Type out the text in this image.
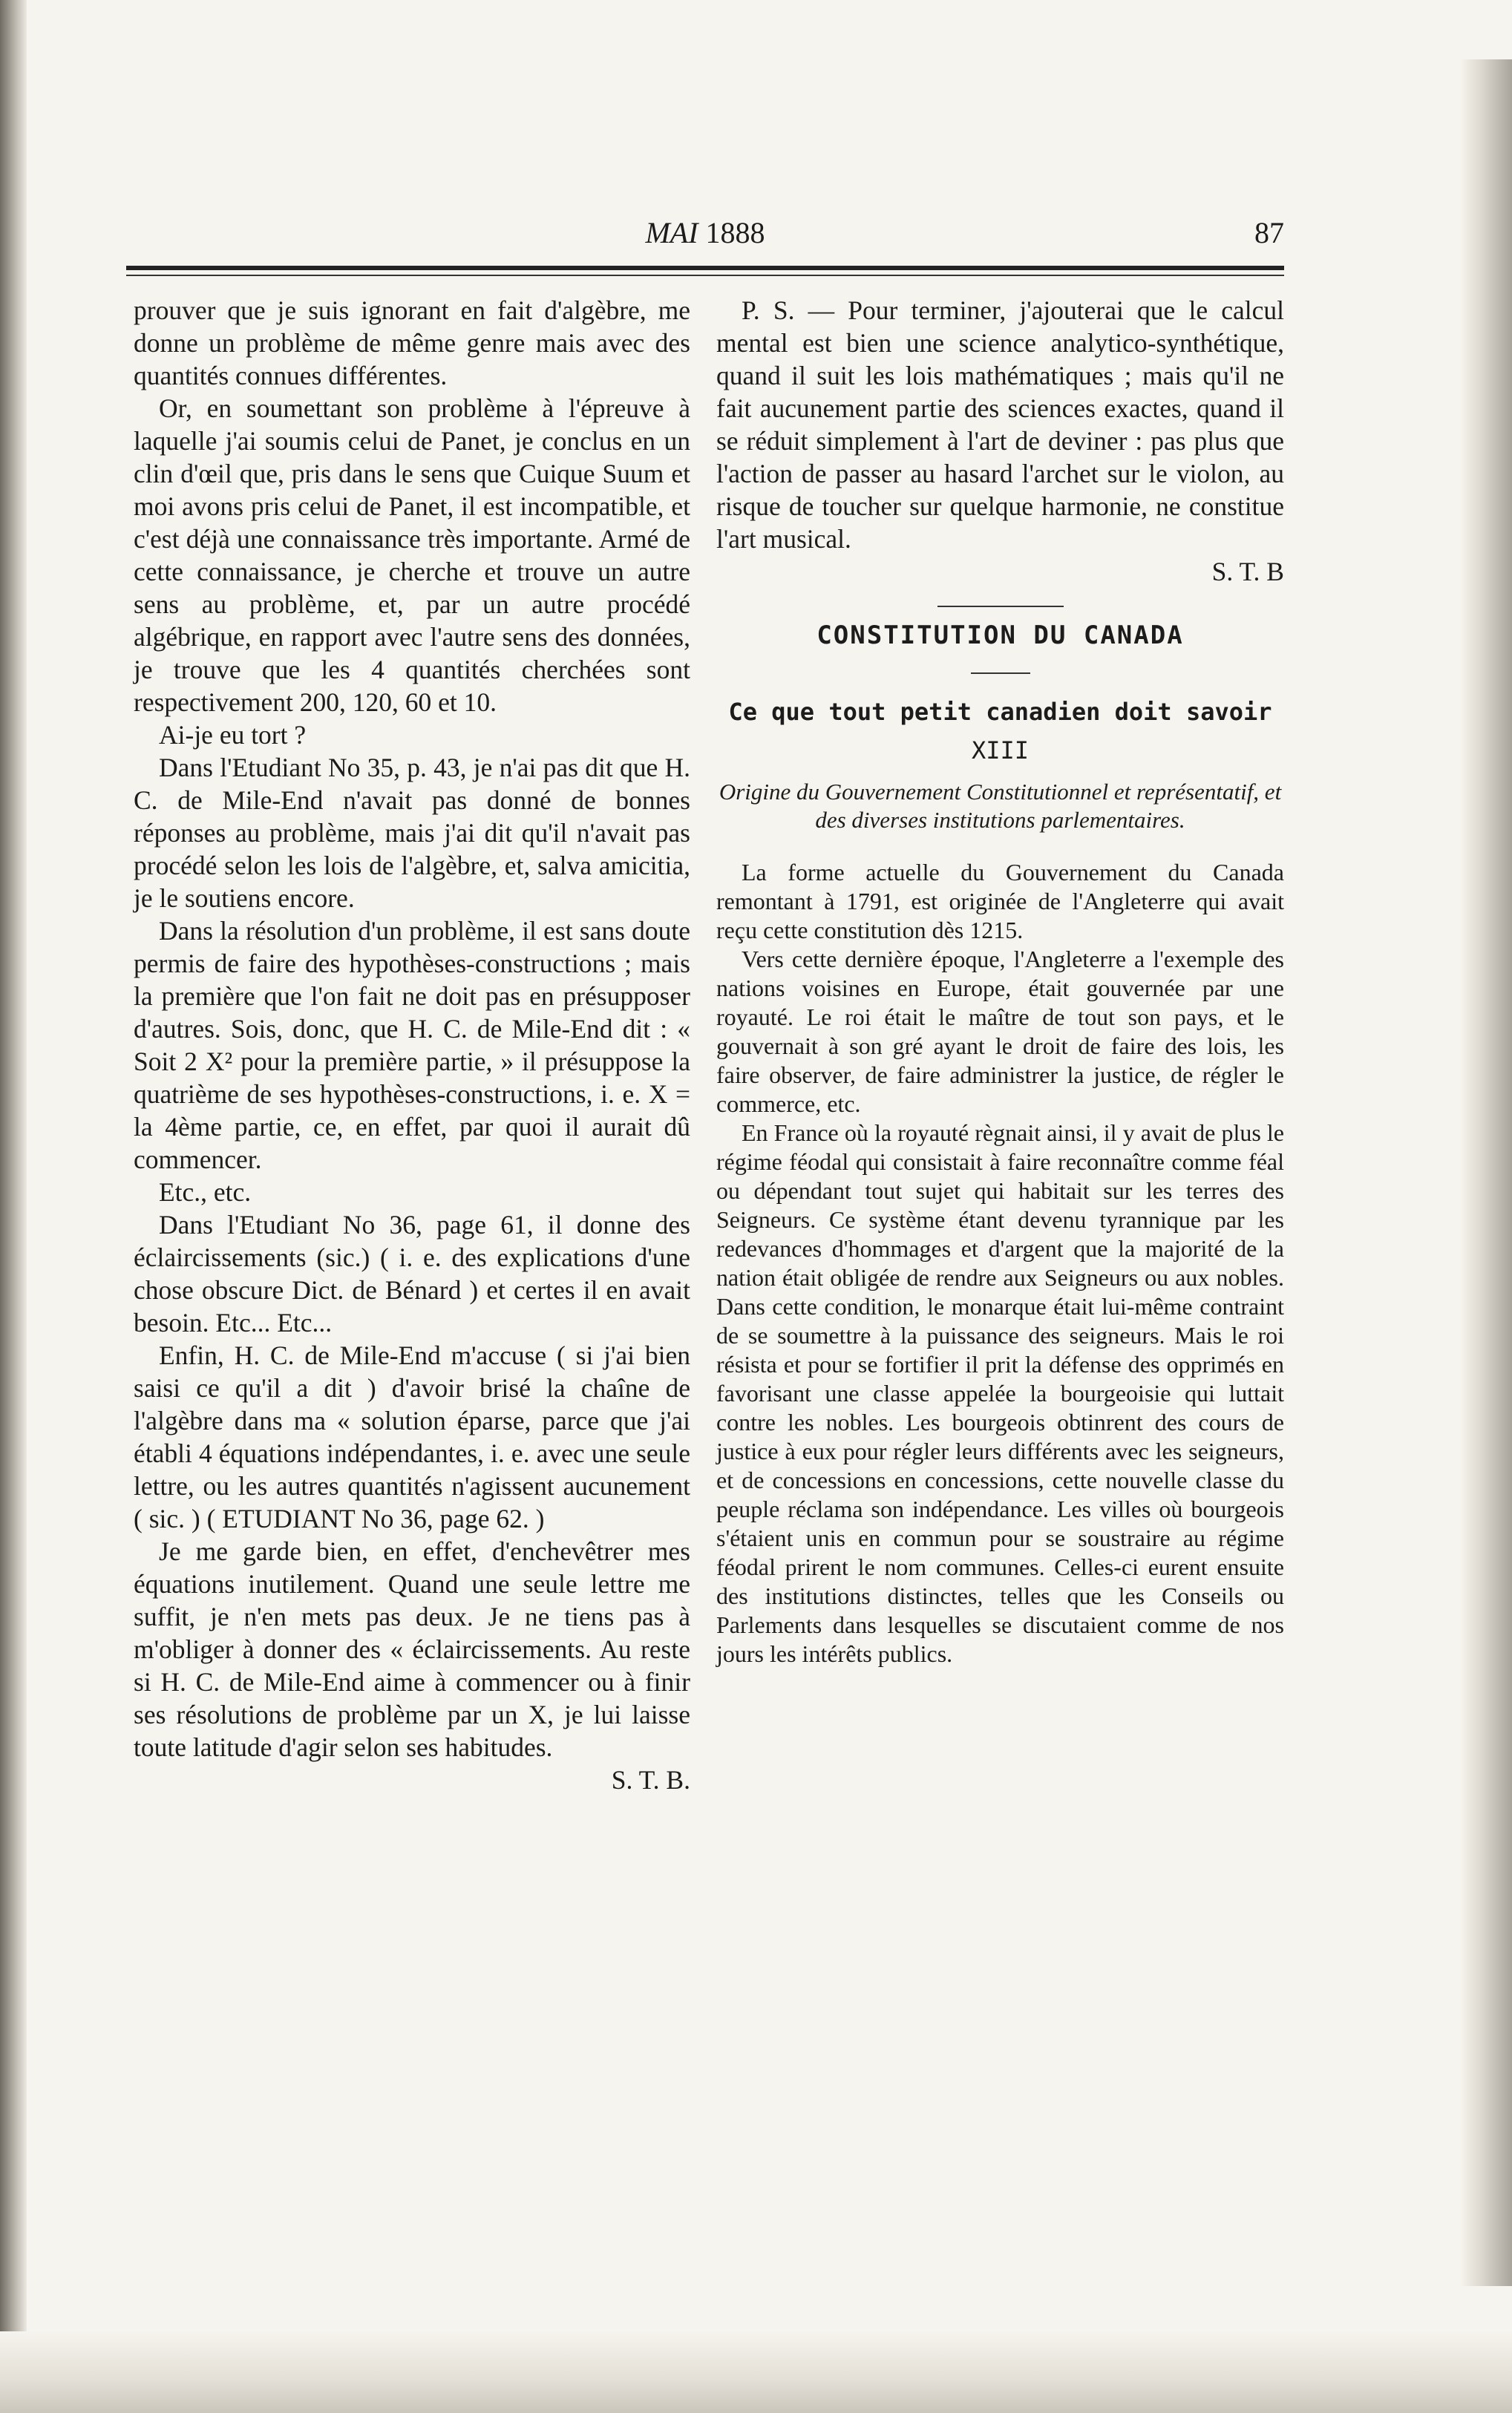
MAI 1888	87

prouver que je suis ignorant en fait d'algèbre, me donne un problème de même genre mais avec des quantités connues différentes.

Or, en soumettant son problème à l'épreuve à laquelle j'ai soumis celui de Panet, je conclus en un clin d'œil que, pris dans le sens que Cuique Suum et moi avons pris celui de Panet, il est incompatible, et c'est déjà une connaissance très importante. Armé de cette connaissance, je cherche et trouve un autre sens au problème, et, par un autre procédé algébrique, en rapport avec l'autre sens des données, je trouve que les 4 quantités cherchées sont respectivement 200, 120, 60 et 10.

Ai-je eu tort ?

Dans l'Etudiant No 35, p. 43, je n'ai pas dit que H. C. de Mile-End n'avait pas donné de bonnes réponses au problème, mais j'ai dit qu'il n'avait pas procédé selon les lois de l'algèbre, et, salva amicitia, je le soutiens encore.

Dans la résolution d'un problème, il est sans doute permis de faire des hypothèses-constructions ; mais la première que l'on fait ne doit pas en présupposer d'autres. Sois, donc, que H. C. de Mile-End dit : « Soit 2 X² pour la première partie, » il présuppose la quatrième de ses hypothèses-constructions, i. e. X = la 4ème partie, ce, en effet, par quoi il aurait dû commencer.

Etc., etc.

Dans l'Etudiant No 36, page 61, il donne des éclaircissements (sic.) ( i. e. des explications d'une chose obscure Dict. de Bénard ) et certes il en avait besoin. Etc... Etc...

Enfin, H. C. de Mile-End m'accuse ( si j'ai bien saisi ce qu'il a dit ) d'avoir brisé la chaîne de l'algèbre dans ma « solution éparse, parce que j'ai établi 4 équations indépendantes, i. e. avec une seule lettre, ou les autres quantités n'agissent aucunement ( sic. ) ( ETUDIANT No 36, page 62. )

Je me garde bien, en effet, d'enchevêtrer mes équations inutilement. Quand une seule lettre me suffit, je n'en mets pas deux. Je ne tiens pas à m'obliger à donner des « éclaircissements. Au reste si H. C. de Mile-End aime à commencer ou à finir ses résolutions de problème par un X, je lui laisse toute latitude d'agir selon ses habitudes.

S. T. B.

P. S. — Pour terminer, j'ajouterai que le calcul mental est bien une science analytico-synthétique, quand il suit les lois mathématiques ; mais qu'il ne fait aucunement partie des sciences exactes, quand il se réduit simplement à l'art de deviner : pas plus que l'action de passer au hasard l'archet sur le violon, au risque de toucher sur quelque harmonie, ne constitue l'art musical.

S. T. B

CONSTITUTION DU CANADA

Ce que tout petit canadien doit savoir

XIII

Origine du Gouvernement Constitutionnel et représentatif, et des diverses institutions parlementaires.

La forme actuelle du Gouvernement du Canada remontant à 1791, est originée de l'Angleterre qui avait reçu cette constitution dès 1215.

Vers cette dernière époque, l'Angleterre a l'exemple des nations voisines en Europe, était gouvernée par une royauté. Le roi était le maître de tout son pays, et le gouvernait à son gré ayant le droit de faire des lois, les faire observer, de faire administrer la justice, de régler le commerce, etc.

En France où la royauté règnait ainsi, il y avait de plus le régime féodal qui consistait à faire reconnaître comme féal ou dépendant tout sujet qui habitait sur les terres des Seigneurs. Ce système étant devenu tyrannique par les redevances d'hommages et d'argent que la majorité de la nation était obligée de rendre aux Seigneurs ou aux nobles. Dans cette condition, le monarque était lui-même contraint de se soumettre à la puissance des seigneurs. Mais le roi résista et pour se fortifier il prit la défense des opprimés en favorisant une classe appelée la bourgeoisie qui luttait contre les nobles. Les bourgeois obtinrent des cours de justice à eux pour régler leurs différents avec les seigneurs, et de concessions en concessions, cette nouvelle classe du peuple réclama son indépendance. Les villes où bourgeois s'étaient unis en commun pour se soustraire au régime féodal prirent le nom communes. Celles-ci eurent ensuite des institutions distinctes, telles que les Conseils ou Parlements dans lesquelles se discutaient comme de nos jours les intérêts publics.
